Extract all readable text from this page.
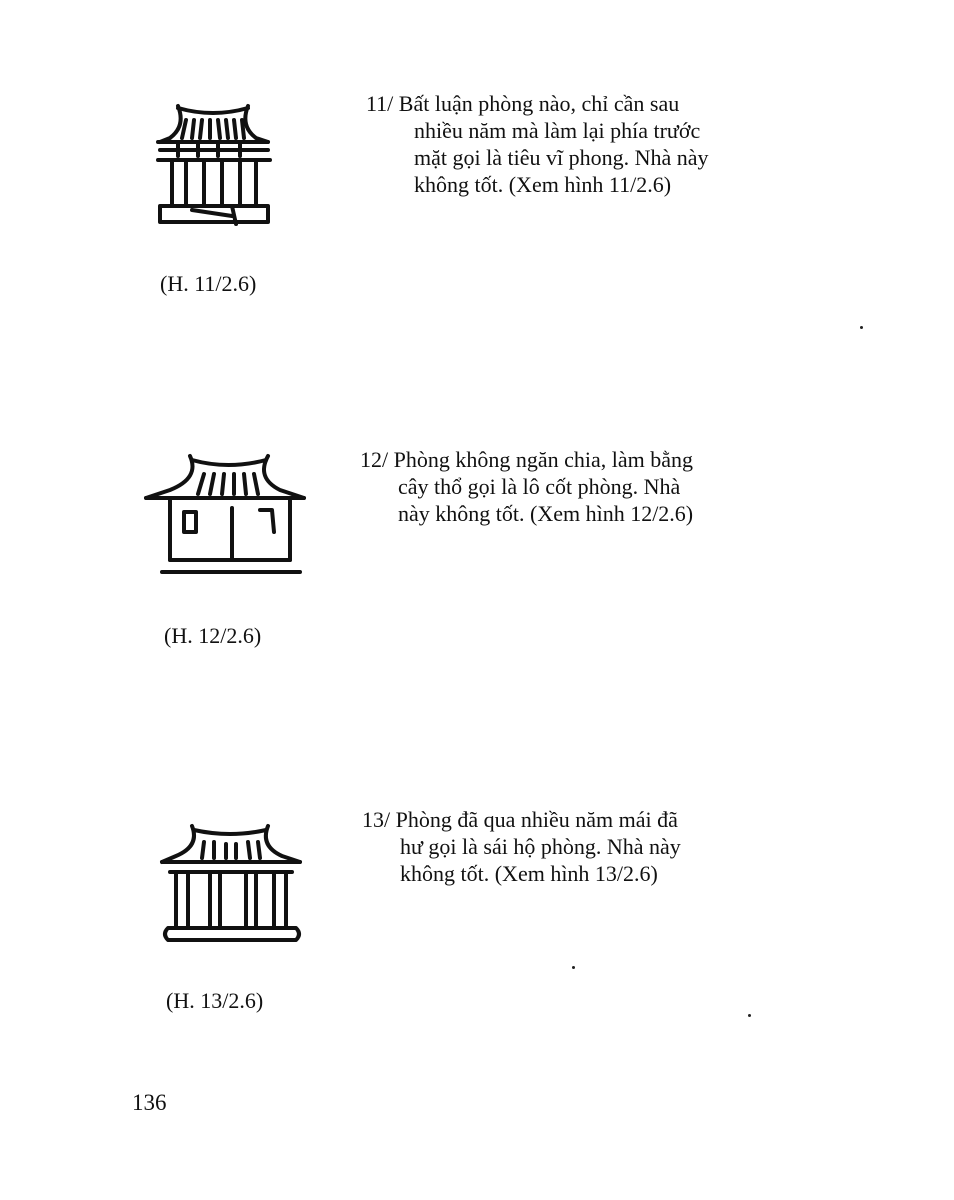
(H. 11/2.6)
11/ Bất luận phòng nào, chỉ cần sau
nhiều năm mà làm lại phía trước
mặt gọi là tiêu vĩ phong. Nhà này
không tốt. (Xem hình 11/2.6)
(H. 12/2.6)
12/ Phòng không ngăn chia, làm bằng
cây thổ gọi là lô cốt phòng. Nhà
này không tốt. (Xem hình 12/2.6)
(H. 13/2.6)
13/ Phòng đã qua nhiều năm mái đã
hư gọi là sái hộ phòng. Nhà này
không tốt. (Xem hình 13/2.6)
136
